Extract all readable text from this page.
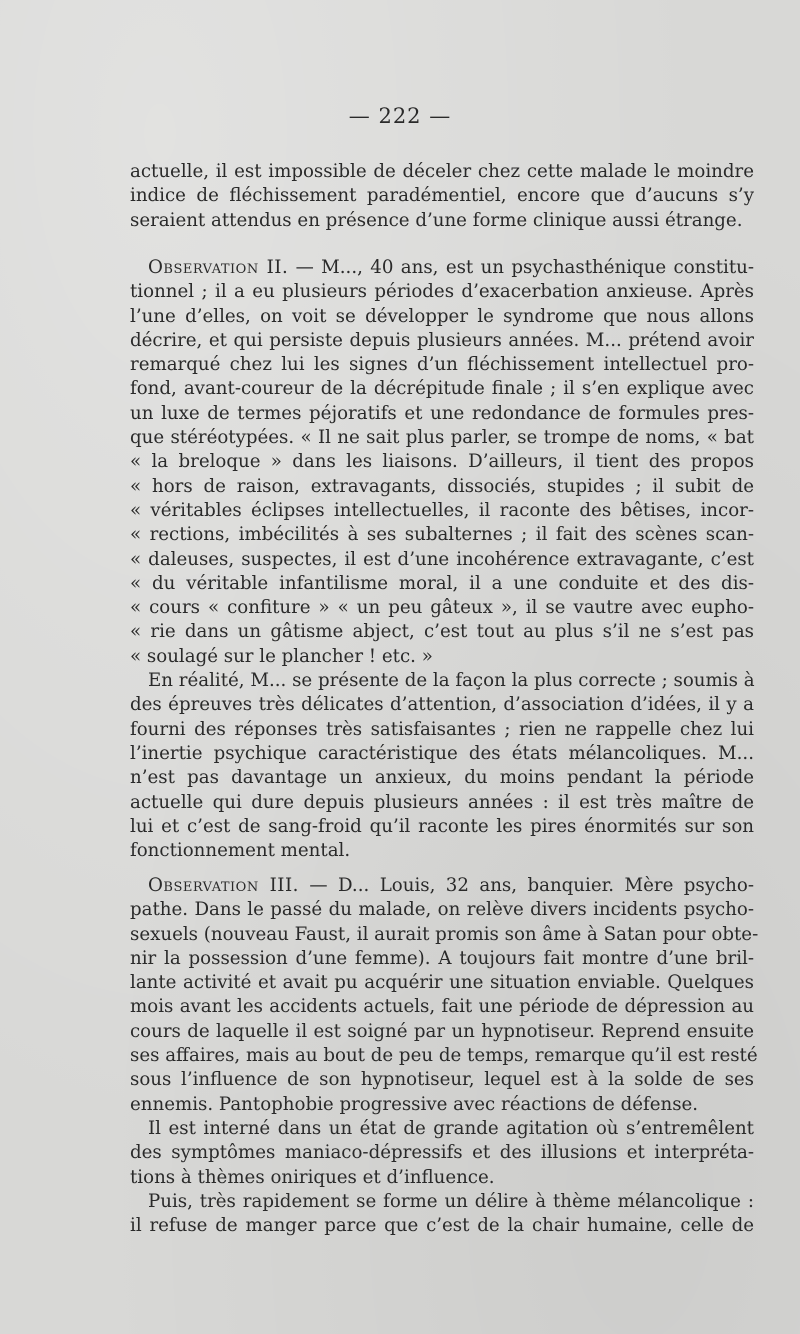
— 222 —
actuelle, il est impossible de déceler chez cette malade le moindre
indice de fléchissement paradémentiel, encore que d’aucuns s’y
seraient attendus en présence d’une forme clinique aussi étrange.
Observation II. — M..., 40 ans, est un psychasthénique constitu-
tionnel ; il a eu plusieurs périodes d’exacerbation anxieuse. Après
l’une d’elles, on voit se développer le syndrome que nous allons
décrire, et qui persiste depuis plusieurs années. M... prétend avoir
remarqué chez lui les signes d’un fléchissement intellectuel pro-
fond, avant-coureur de la décrépitude finale ; il s’en explique avec
un luxe de termes péjoratifs et une redondance de formules pres-
que stéréotypées. « Il ne sait plus parler, se trompe de noms, « bat
« la breloque » dans les liaisons. D’ailleurs, il tient des propos
« hors de raison, extravagants, dissociés, stupides ; il subit de
« véritables éclipses intellectuelles, il raconte des bêtises, incor-
« rections, imbécilités à ses subalternes ; il fait des scènes scan-
« daleuses, suspectes, il est d’une incohérence extravagante, c’est
« du véritable infantilisme moral, il a une conduite et des dis-
« cours « confiture » « un peu gâteux », il se vautre avec eupho-
« rie dans un gâtisme abject, c’est tout au plus s’il ne s’est pas
« soulagé sur le plancher ! etc. »
En réalité, M... se présente de la façon la plus correcte ; soumis à
des épreuves très délicates d’attention, d’association d’idées, il y a
fourni des réponses très satisfaisantes ; rien ne rappelle chez lui
l’inertie psychique caractéristique des états mélancoliques. M...
n’est pas davantage un anxieux, du moins pendant la période
actuelle qui dure depuis plusieurs années : il est très maître de
lui et c’est de sang-froid qu’il raconte les pires énormités sur son
fonctionnement mental.
Observation III. — D... Louis, 32 ans, banquier. Mère psycho-
pathe. Dans le passé du malade, on relève divers incidents psycho-
sexuels (nouveau Faust, il aurait promis son âme à Satan pour obte-
nir la possession d’une femme). A toujours fait montre d’une bril-
lante activité et avait pu acquérir une situation enviable. Quelques
mois avant les accidents actuels, fait une période de dépression au
cours de laquelle il est soigné par un hypnotiseur. Reprend ensuite
ses affaires, mais au bout de peu de temps, remarque qu’il est resté
sous l’influence de son hypnotiseur, lequel est à la solde de ses
ennemis. Pantophobie progressive avec réactions de défense.
Il est interné dans un état de grande agitation où s’entremêlent
des symptômes maniaco-dépressifs et des illusions et interpréta-
tions à thèmes oniriques et d’influence.
Puis, très rapidement se forme un délire à thème mélancolique :
il refuse de manger parce que c’est de la chair humaine, celle de
